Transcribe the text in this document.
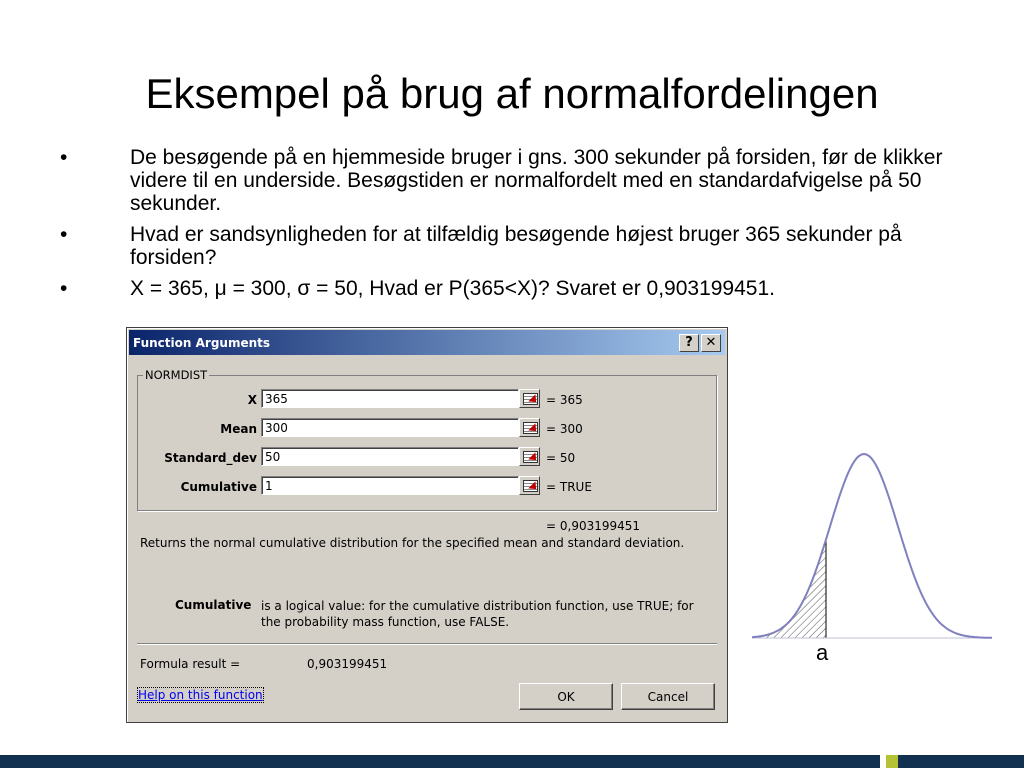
Eksempel på brug af normalfordelingen
•	De besøgende på en hjemmeside bruger i gns. 300 sekunder på forsiden, før de klikker videre til en underside. Besøgstiden er normalfordelt med en standardafvigelse på 50 sekunder.
•	Hvad er sandsynligheden for at tilfældig besøgende højest bruger 365 sekunder på forsiden?
•	X = 365, μ = 300, σ = 50, Hvad er P(365<X)? Svaret er 0,903199451.
Function Arguments	? ✕
NORMDIST
X
365	= 365
Mean
300	= 300
Standard_dev
50	= 50
Cumulative
1	= TRUE
= 0,903199451
Returns the normal cumulative distribution for the specified mean and standard deviation.
Cumulative is a logical value: for the cumulative distribution function, use TRUE; for the probability mass function, use FALSE.
Formula result =	0,903199451
Help on this function	OK	Cancel
a
